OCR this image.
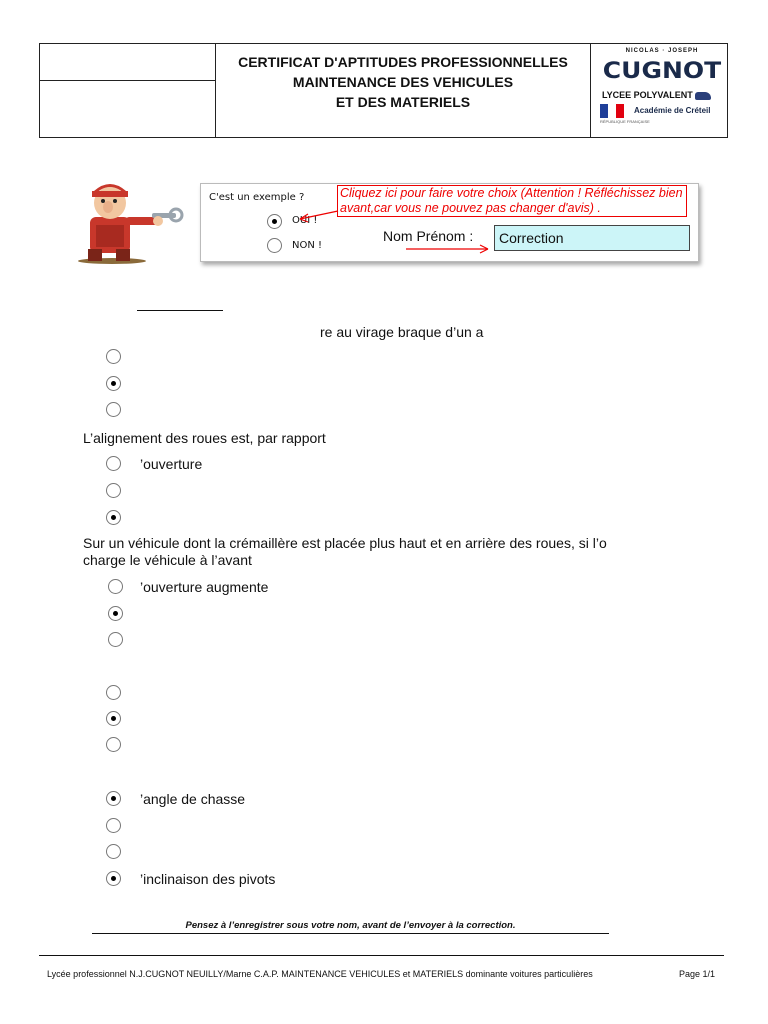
CERTIFICAT D'APTITUDES PROFESSIONNELLES
MAINTENANCE DES VEHICULES
ET DES MATERIELS
NICOLAS · JOSEPH
CUGNOT
LYCEE POLYVALENT
Académie de Créteil
RÉPUBLIQUE FRANÇAISE
C'est un exemple ?
OUI !
NON !
Cliquez ici pour faire votre choix (Attention ! Réfléchissez bien avant,car vous ne pouvez pas changer d'avis) .
Nom Prénom :	Correction
re au virage braque d’un a
L’alignement des roues est, par rapport
’ouverture
Sur un véhicule dont la crémaillère est placée plus haut et en arrière des roues, si l’o
charge le véhicule à l’avant
’ouverture augmente
’angle de chasse
’inclinaison des pivots
Pensez à l’enregistrer sous votre nom, avant de l’envoyer à la correction.
Lycée professionnel N.J.CUGNOT NEUILLY/Marne C.A.P. MAINTENANCE VEHICULES et MATERIELS dominante voitures particulières	Page 1/1
